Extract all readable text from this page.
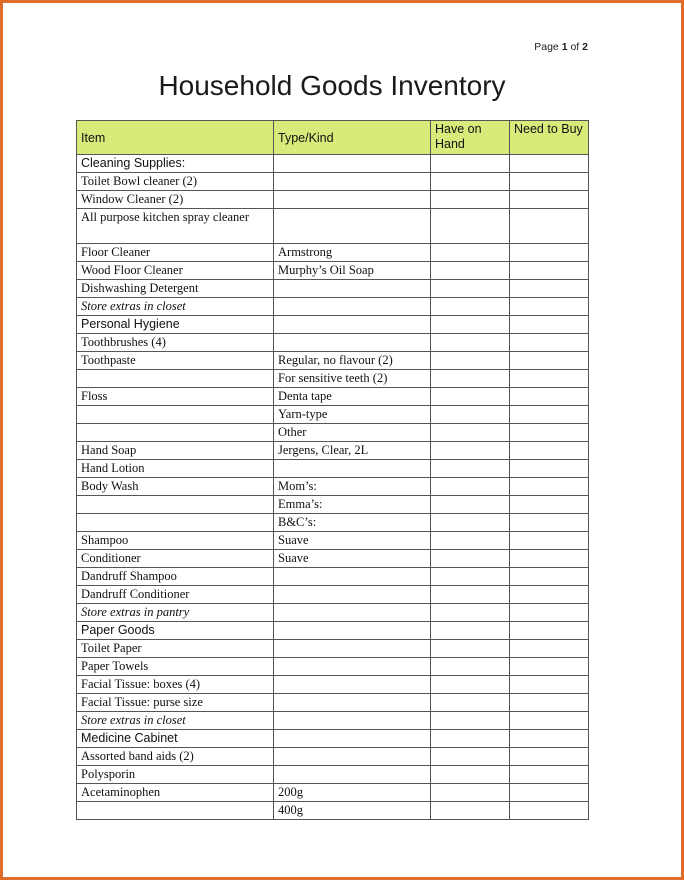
Page 1 of 2
Household Goods Inventory
Item	Type/Kind	Have on Hand	Need to Buy
Cleaning Supplies:			
Toilet Bowl cleaner (2)			
Window Cleaner (2)			
All purpose kitchen spray cleaner			
Floor Cleaner	Armstrong		
Wood Floor Cleaner	Murphy’s Oil Soap		
Dishwashing Detergent			
Store extras in closet			
Personal Hygiene			
Toothbrushes (4)			
Toothpaste	Regular, no flavour (2)		
	For sensitive teeth (2)		
Floss	Denta tape		
	Yarn-type		
	Other		
Hand Soap	Jergens, Clear, 2L		
Hand Lotion			
Body Wash	Mom’s:		
	Emma’s:		
	B&C’s:		
Shampoo	Suave		
Conditioner	Suave		
Dandruff Shampoo			
Dandruff Conditioner			
Store extras in pantry			
Paper Goods			
Toilet Paper			
Paper Towels			
Facial Tissue: boxes (4)			
Facial Tissue: purse size			
Store extras in closet			
Medicine Cabinet			
Assorted band aids (2)			
Polysporin			
Acetaminophen	200g		
	400g		
